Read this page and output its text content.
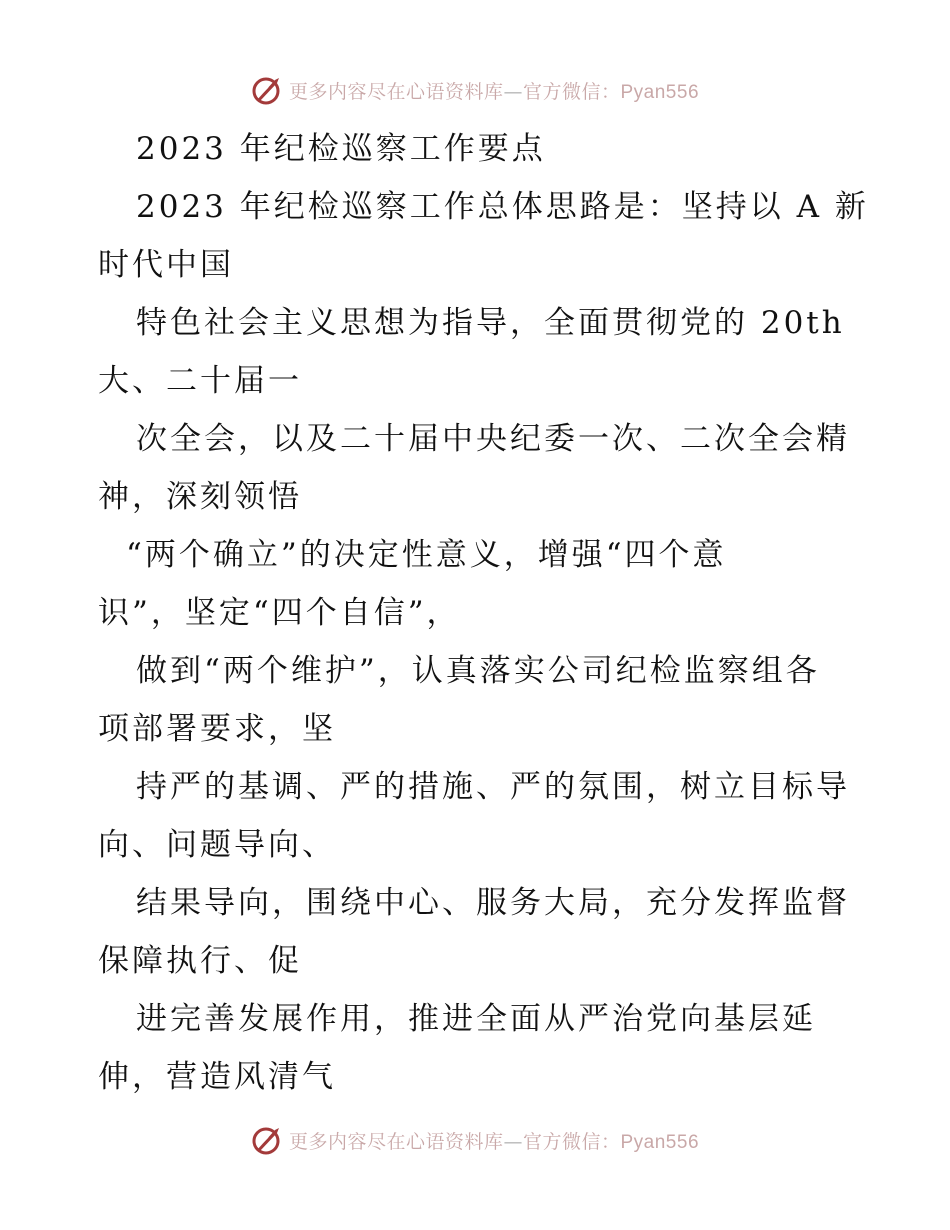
更多内容尽在心语资料库—官方微信：Pyan556

2023 年纪检巡察工作要点

2023 年纪检巡察工作总体思路是：坚持以 A 新

时代中国

特色社会主义思想为指导，全面贯彻党的 20th

大、二十届一

次全会，以及二十届中央纪委一次、二次全会精

神，深刻领悟

“两个确立”的决定性意义，增强“四个意

识”，坚定“四个自信”，

做到“两个维护”，认真落实公司纪检监察组各

项部署要求，坚

持严的基调、严的措施、严的氛围，树立目标导

向、问题导向、

结果导向，围绕中心、服务大局，充分发挥监督

保障执行、促

进完善发展作用，推进全面从严治党向基层延

伸，营造风清气

更多内容尽在心语资料库—官方微信：Pyan556
